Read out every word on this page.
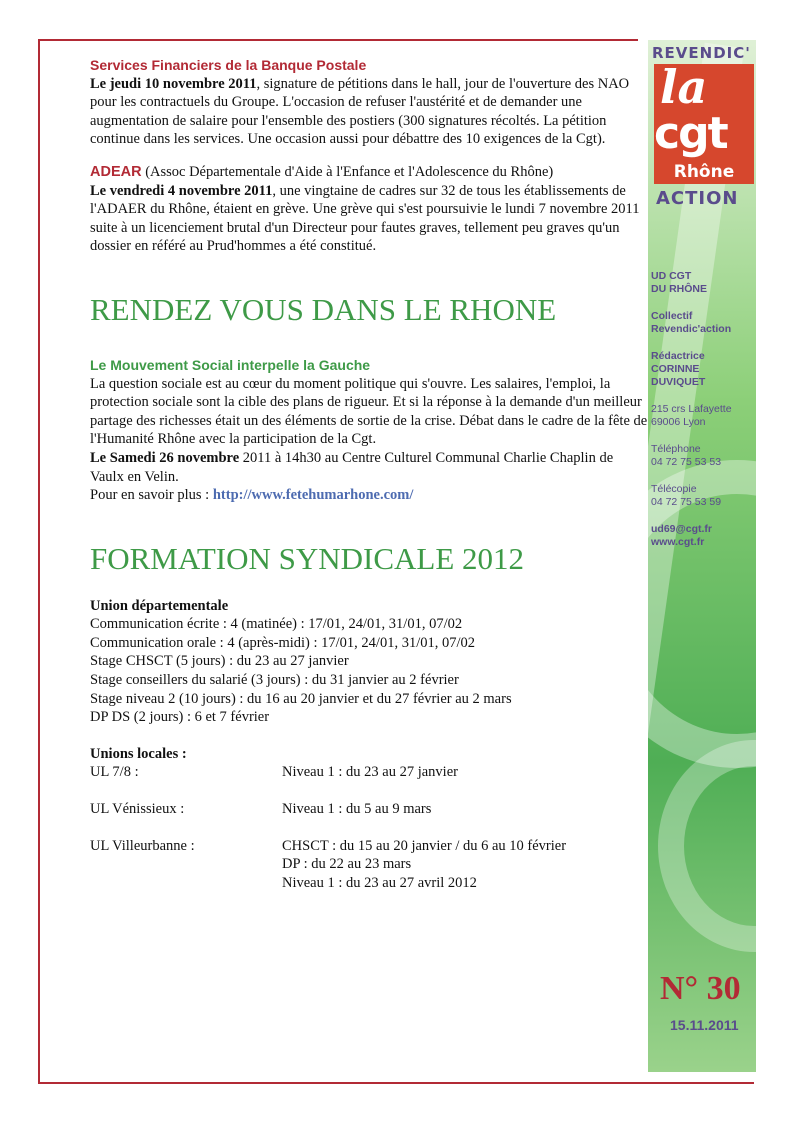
REVENDIC'
la
cgt
Rhône
ACTION
UD CGT
DU RHÔNE
Collectif
Revendic'action
Rédactrice
CORINNE DUVIQUET
215 crs Lafayette
69006 Lyon
Téléphone
04 72 75 53 53
Télécopie
04 72 75 53 59
ud69@cgt.fr
www.cgt.fr
N° 30
15.11.2011
Services Financiers de la Banque Postale

Le jeudi 10 novembre 2011, signature de pétitions dans le hall, jour de l'ouverture des NAO pour les contractuels du Groupe. L'occasion de refuser l'austérité et de demander une augmentation de salaire pour l'ensemble des postiers (300 signatures récoltés. La pétition continue dans les services. Une occasion aussi pour débattre des 10 exigences de la Cgt).

ADEAR (Assoc Départementale d'Aide à l'Enfance et l'Adolescence du Rhône)

Le vendredi 4 novembre 2011, une vingtaine de cadres sur 32 de tous les établissements de l'ADAER du Rhône, étaient en grève. Une grève qui s'est poursuivie le lundi 7 novembre 2011 suite à un licenciement brutal d'un Directeur pour fautes graves, tellement peu graves qu'un dossier en référé au Prud'hommes a été constitué.

RENDEZ VOUS DANS LE RHONE
Le Mouvement Social interpelle la Gauche

La question sociale est au cœur du moment politique qui s'ouvre. Les salaires, l'emploi, la protection sociale sont la cible des plans de rigueur. Et si la réponse à la demande d'un meilleur partage des richesses était un des éléments de sortie de la crise. Débat dans le cadre de la fête de l'Humanité Rhône avec la participation de la Cgt.

Le Samedi 26 novembre 2011 à 14h30 au Centre Culturel Communal Charlie Chaplin de Vaulx en Velin.

Pour en savoir plus : http://www.fetehumarhone.com/

FORMATION SYNDICALE 2012
Union départementale
Communication écrite : 4 (matinée) : 17/01, 24/01, 31/01, 07/02
Communication orale : 4 (après-midi) : 17/01, 24/01, 31/01, 07/02
Stage CHSCT (5 jours) : du 23 au 27 janvier
Stage conseillers du salarié (3 jours) : du 31 janvier au 2 février
Stage niveau 2 (10 jours) : du 16 au 20 janvier et du 27 février au 2 mars
DP DS (2 jours) : 6 et 7 février
Unions locales :
UL 7/8 :	Niveau 1 : du 23 au 27 janvier
UL Vénissieux :	Niveau 1 : du 5 au 9 mars
UL Villeurbanne :	CHSCT : du 15 au 20 janvier / du 6 au 10 février
DP : du 22 au 23 mars
Niveau 1 : du 23 au 27 avril 2012
